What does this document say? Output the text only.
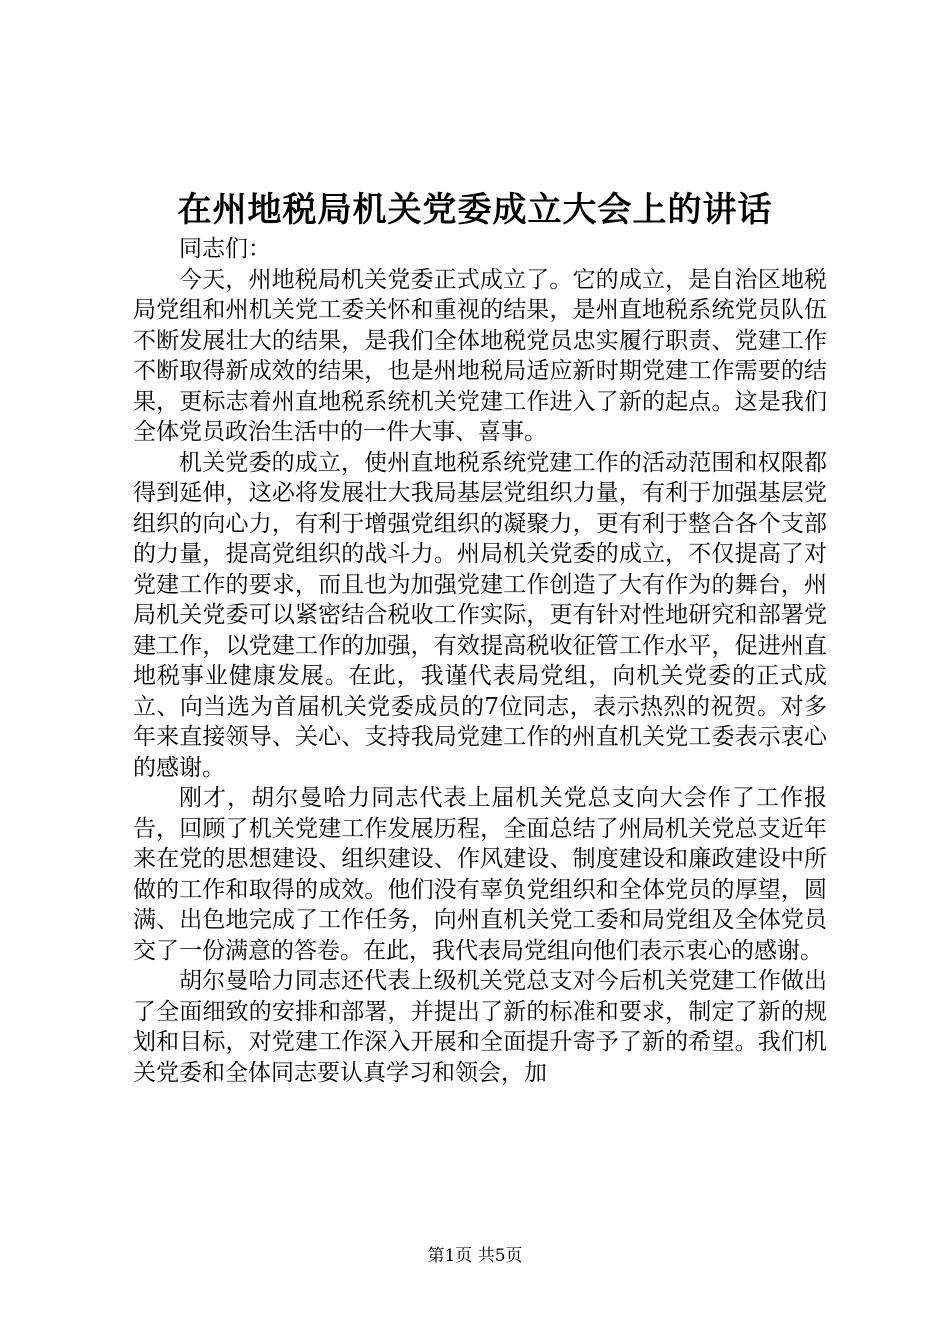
在州地税局机关党委成立大会上的讲话

同志们：

今天，州地税局机关党委正式成立了。它的成立，是自治区地税局党组和州机关党工委关怀和重视的结果，是州直地税系统党员队伍不断发展壮大的结果，是我们全体地税党员忠实履行职责、党建工作不断取得新成效的结果，也是州地税局适应新时期党建工作需要的结果，更标志着州直地税系统机关党建工作进入了新的起点。这是我们全体党员政治生活中的一件大事、喜事。

机关党委的成立，使州直地税系统党建工作的活动范围和权限都得到延伸，这必将发展壮大我局基层党组织力量，有利于加强基层党组织的向心力，有利于增强党组织的凝聚力，更有利于整合各个支部的力量，提高党组织的战斗力。州局机关党委的成立，不仅提高了对党建工作的要求，而且也为加强党建工作创造了大有作为的舞台，州局机关党委可以紧密结合税收工作实际，更有针对性地研究和部署党建工作，以党建工作的加强，有效提高税收征管工作水平，促进州直地税事业健康发展。在此，我谨代表局党组，向机关党委的正式成立、向当选为首届机关党委成员的7位同志，表示热烈的祝贺。对多年来直接领导、关心、支持我局党建工作的州直机关党工委表示衷心的感谢。

刚才，胡尔曼哈力同志代表上届机关党总支向大会作了工作报告，回顾了机关党建工作发展历程，全面总结了州局机关党总支近年来在党的思想建设、组织建设、作风建设、制度建设和廉政建设中所做的工作和取得的成效。他们没有辜负党组织和全体党员的厚望，圆满、出色地完成了工作任务，向州直机关党工委和局党组及全体党员交了一份满意的答卷。在此，我代表局党组向他们表示衷心的感谢。

胡尔曼哈力同志还代表上级机关党总支对今后机关党建工作做出了全面细致的安排和部署，并提出了新的标准和要求，制定了新的规划和目标，对党建工作深入开展和全面提升寄予了新的希望。我们机关党委和全体同志要认真学习和领会，加

第1页 共5页
